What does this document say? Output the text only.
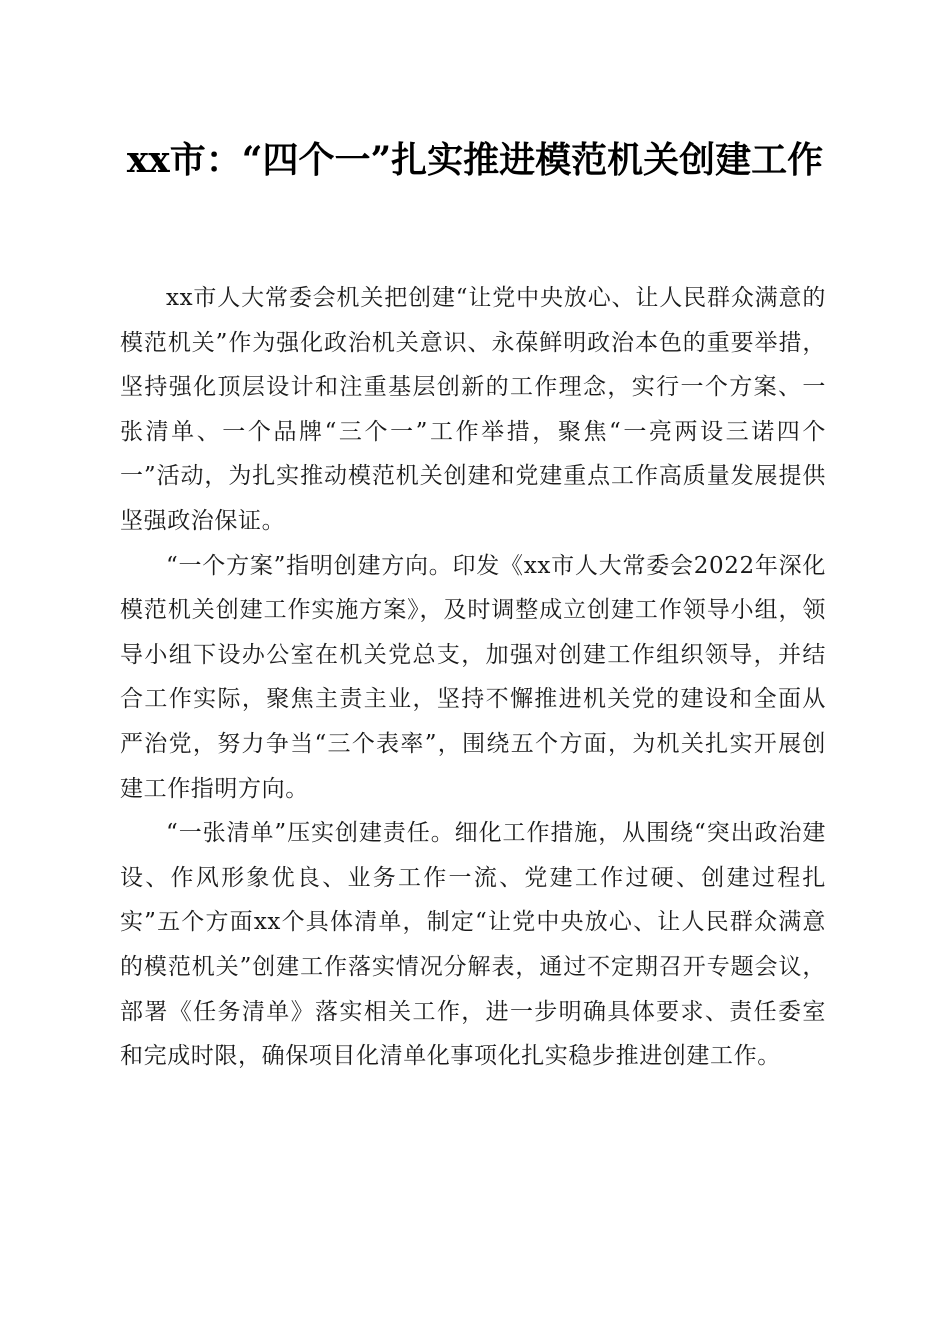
xx市：“四个一”扎实推进模范机关创建工作

xx市人大常委会机关把创建“让党中央放心、让人民群众满意的模范机关”作为强化政治机关意识、永葆鲜明政治本色的重要举措，坚持强化顶层设计和注重基层创新的工作理念，实行一个方案、一张清单、一个品牌“三个一”工作举措，聚焦“一亮两设三诺四个一”活动，为扎实推动模范机关创建和党建重点工作高质量发展提供坚强政治保证。

“一个方案”指明创建方向。印发《xx市人大常委会2022年深化模范机关创建工作实施方案》，及时调整成立创建工作领导小组，领导小组下设办公室在机关党总支，加强对创建工作组织领导，并结合工作实际，聚焦主责主业，坚持不懈推进机关党的建设和全面从严治党，努力争当“三个表率”，围绕五个方面，为机关扎实开展创建工作指明方向。

“一张清单”压实创建责任。细化工作措施，从围绕“突出政治建设、作风形象优良、业务工作一流、党建工作过硬、创建过程扎实”五个方面xx个具体清单，制定“让党中央放心、让人民群众满意的模范机关”创建工作落实情况分解表，通过不定期召开专题会议，部署《任务清单》落实相关工作，进一步明确具体要求、责任委室和完成时限，确保项目化清单化事项化扎实稳步推进创建工作。
